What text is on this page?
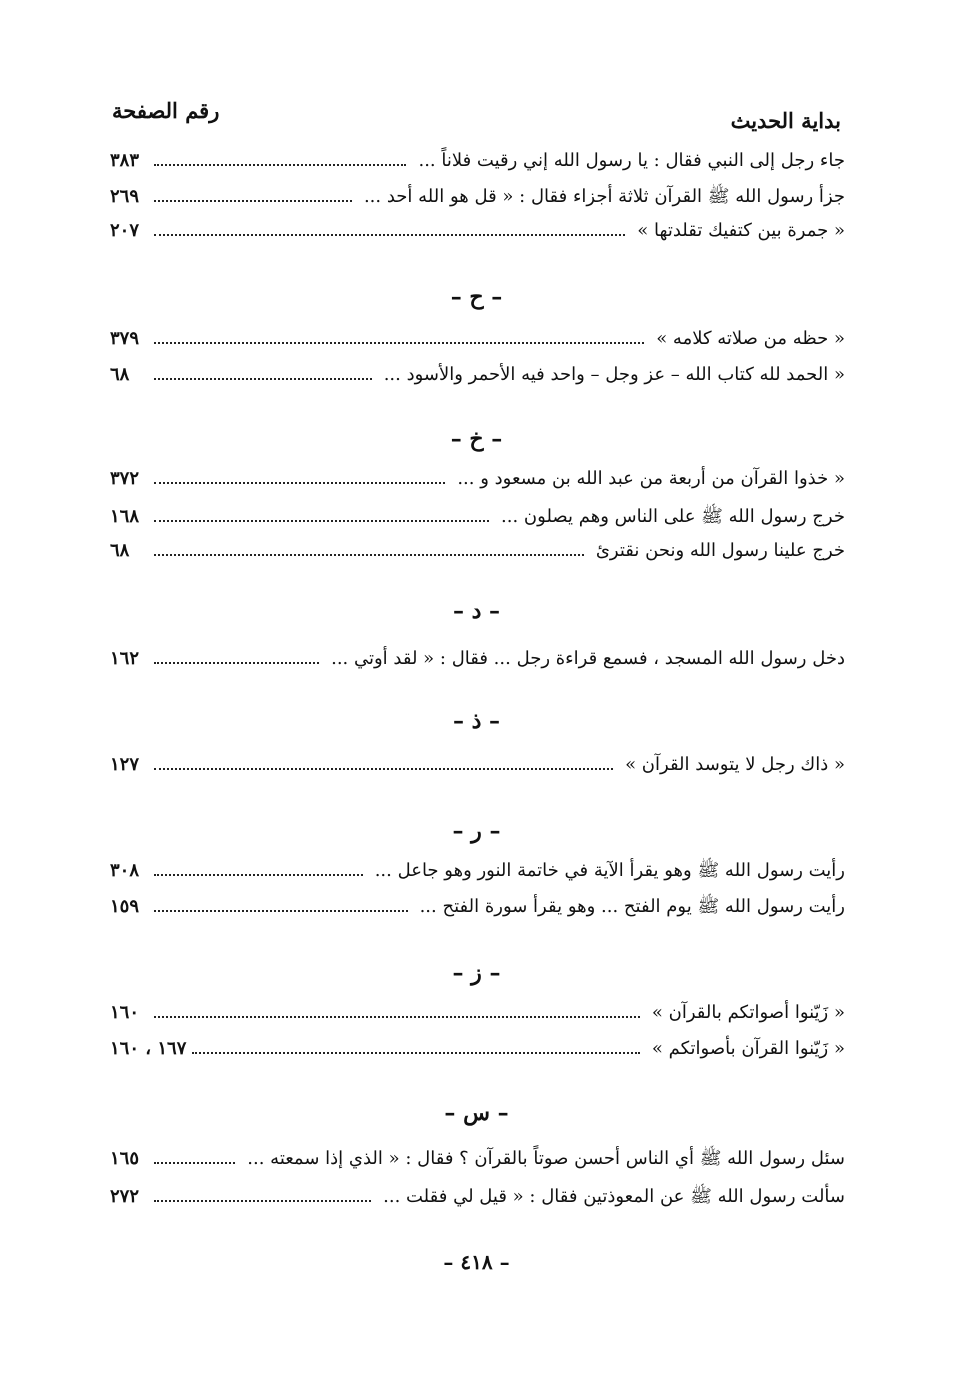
بداية الحديث
رقم الصفحة
جاء رجل إلى النبي فقال : يا رسول الله إني رقيت فلاناً ...
٣٨٣
جزأ رسول الله ﷺ القرآن ثلاثة أجزاء فقال : « قل هو الله أحد ...
٢٦٩
« جمرة بين كتفيك تقلدتها »
٢٠٧
– ح –
« حظه من صلاته كلامه »
٣٧٩
« الحمد لله كتاب الله – عز وجل – واحد فيه الأحمر والأسود ...
٦٨
– خ –
« خذوا القرآن من أربعة من عبد الله بن مسعود و ...
٣٧٢
خرج رسول الله ﷺ على الناس وهم يصلون ...
١٦٨
خرج علينا رسول الله ونحن نقترئ
٦٨
– د –
دخل رسول الله المسجد ، فسمع قراءة رجل ... فقال : « لقد أوتي ...
١٦٢
– ذ –
« ذاك رجل لا يتوسد القرآن »
١٢٧
– ر –
رأيت رسول الله ﷺ وهو يقرأ الآية في خاتمة النور وهو جاعل ...
٣٠٨
رأيت رسول الله ﷺ يوم الفتح ... وهو يقرأ سورة الفتح ...
١٥٩
– ز –
« زَيّنوا أصواتكم بالقرآن »
١٦٠
« زَيّنوا القرآن بأصواتكم »
١٦٧ ، ١٦٠
– س –
سئل رسول الله ﷺ أي الناس أحسن صوتاً بالقرآن ؟ فقال : « الذي إذا سمعته ...
١٦٥
سألت رسول الله ﷺ عن المعوذتين فقال : « قيل لي فقلت ...
٢٧٢
– ٤١٨ –
